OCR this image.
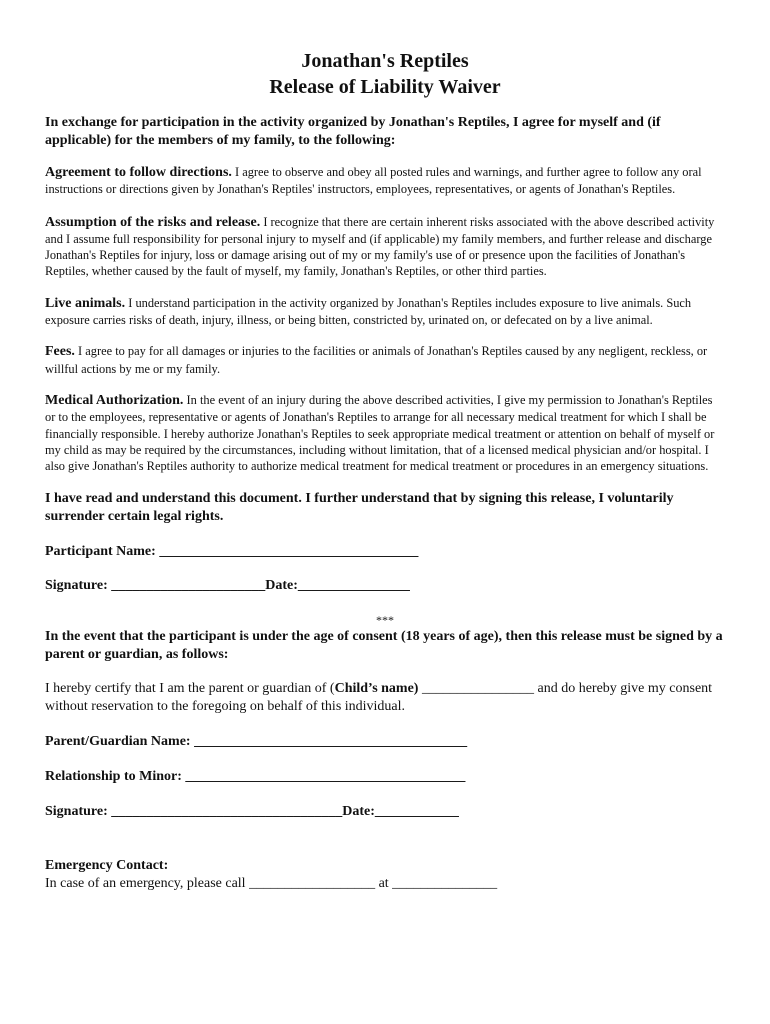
Jonathan's Reptiles
Release of Liability Waiver

In exchange for participation in the activity organized by Jonathan's Reptiles, I agree for myself and (if applicable) for the members of my family, to the following:

Agreement to follow directions. I agree to observe and obey all posted rules and warnings, and further agree to follow any oral instructions or directions given by Jonathan's Reptiles' instructors, employees, representatives, or agents of Jonathan's Reptiles.

Assumption of the risks and release. I recognize that there are certain inherent risks associated with the above described activity and I assume full responsibility for personal injury to myself and (if applicable) my family members, and further release and discharge Jonathan's Reptiles for injury, loss or damage arising out of my or my family's use of or presence upon the facilities of Jonathan's Reptiles, whether caused by the fault of myself, my family, Jonathan's Reptiles, or other third parties.

Live animals. I understand participation in the activity organized by Jonathan's Reptiles includes exposure to live animals. Such exposure carries risks of death, injury, illness, or being bitten, constricted by, urinated on, or defecated on by a live animal.

Fees. I agree to pay for all damages or injuries to the facilities or animals of Jonathan's Reptiles caused by any negligent, reckless, or willful actions by me or my family.

Medical Authorization. In the event of an injury during the above described activities, I give my permission to Jonathan's Reptiles or to the employees, representative or agents of Jonathan's Reptiles to arrange for all necessary medical treatment for which I shall be financially responsible. I hereby authorize Jonathan's Reptiles to seek appropriate medical treatment or attention on behalf of myself or my child as may be required by the circumstances, including without limitation, that of a licensed medical physician and/or hospital. I also give Jonathan's Reptiles authority to authorize medical treatment for medical treatment or procedures in an emergency situations.

I have read and understand this document. I further understand that by signing this release, I voluntarily surrender certain legal rights.

Participant Name: _____________________________________

Signature: ______________________Date:________________

***

In the event that the participant is under the age of consent (18 years of age), then this release must be signed by a parent or guardian, as follows:

I hereby certify that I am the parent or guardian of (Child’s name) ________________ and do hereby give my consent without reservation to the foregoing on behalf of this individual.

Parent/Guardian Name: _______________________________________

Relationship to Minor: ________________________________________

Signature: _________________________________Date:____________

Emergency Contact:

In case of an emergency, please call __________________ at _______________
